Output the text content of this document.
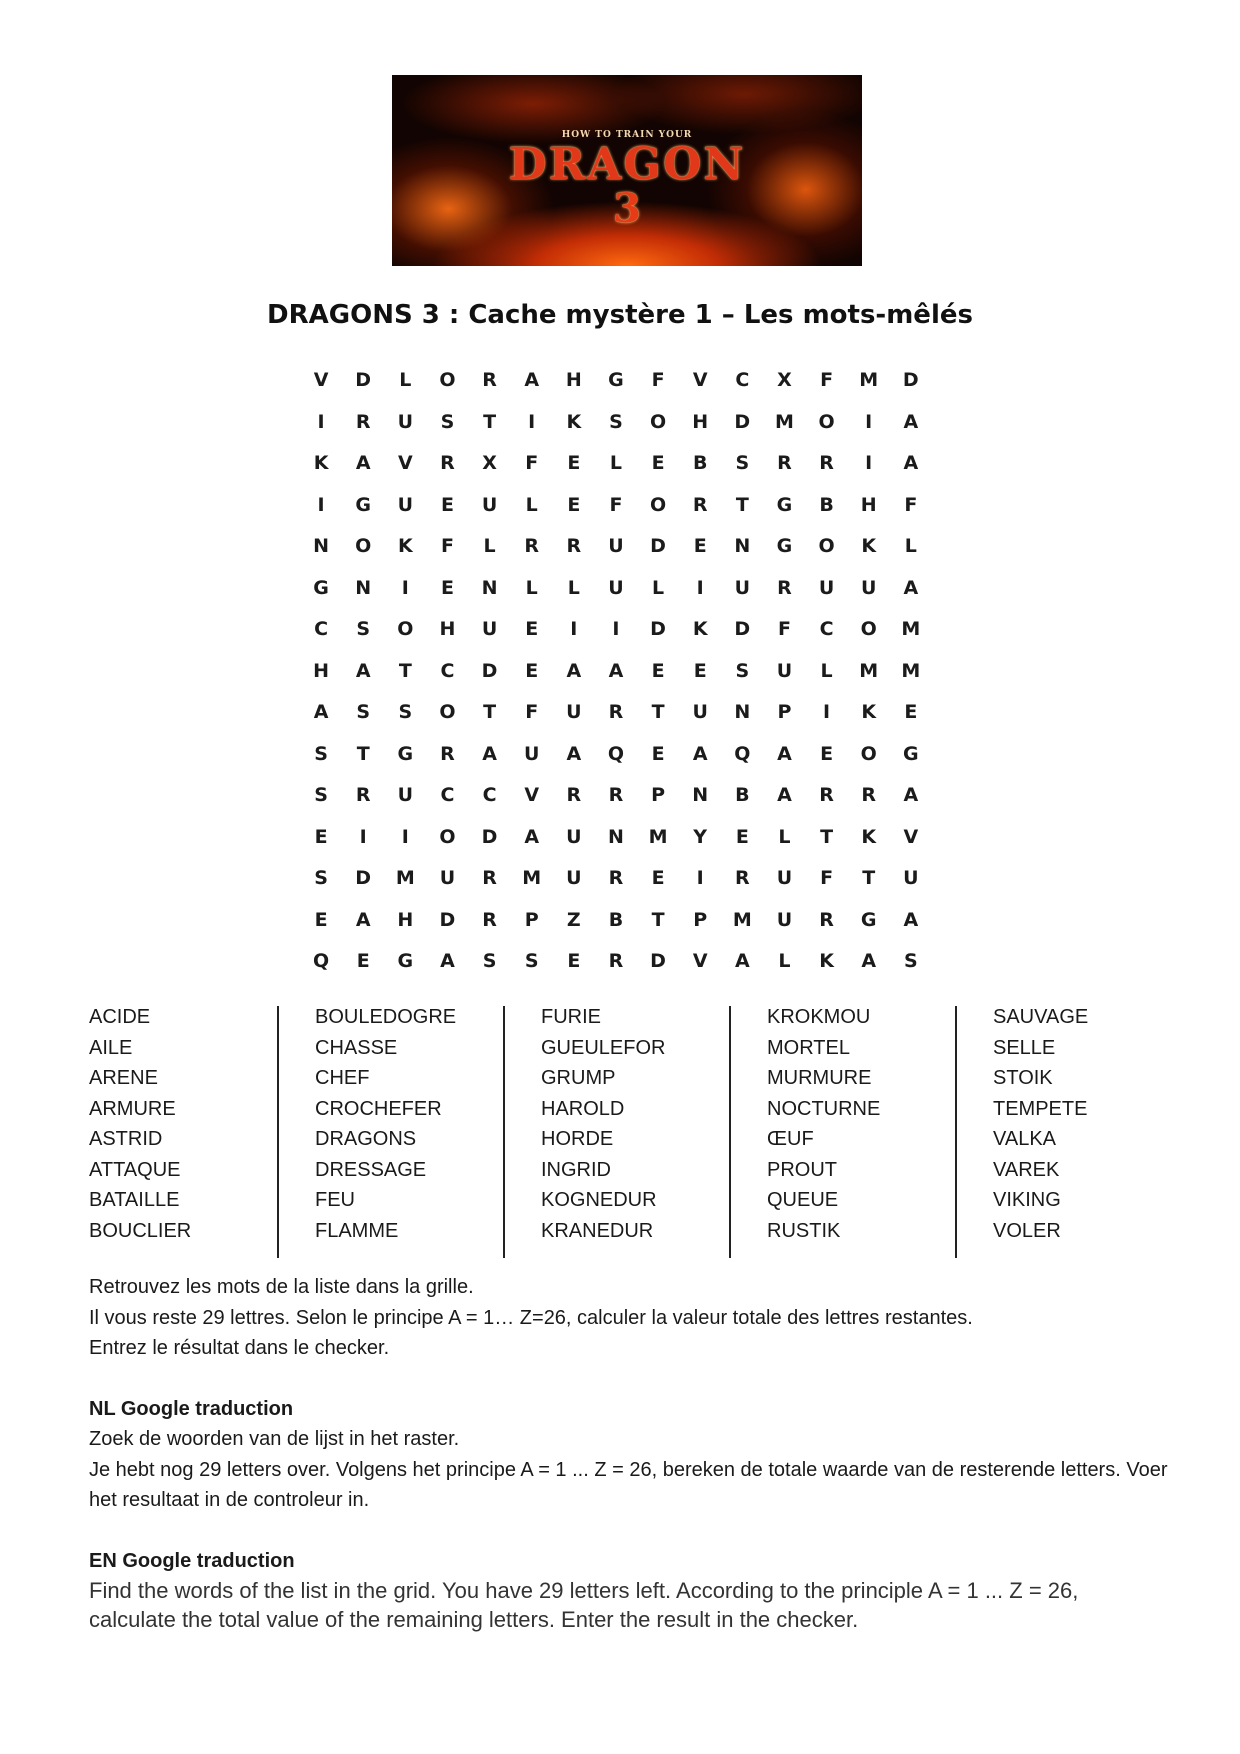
HOW TO TRAIN YOUR
DRAGON
3
DRAGONS 3 : Cache mystère 1 – Les mots-mêlés
V	D	L	O	R	A	H	G	F	V	C	X	F	M	D
I	R	U	S	T	I	K	S	O	H	D	M	O	I	A
K	A	V	R	X	F	E	L	E	B	S	R	R	I	A
I	G	U	E	U	L	E	F	O	R	T	G	B	H	F
N	O	K	F	L	R	R	U	D	E	N	G	O	K	L
G	N	I	E	N	L	L	U	L	I	U	R	U	U	A
C	S	O	H	U	E	I	I	D	K	D	F	C	O	M
H	A	T	C	D	E	A	A	E	E	S	U	L	M	M
A	S	S	O	T	F	U	R	T	U	N	P	I	K	E
S	T	G	R	A	U	A	Q	E	A	Q	A	E	O	G
S	R	U	C	C	V	R	R	P	N	B	A	R	R	A
E	I	I	O	D	A	U	N	M	Y	E	L	T	K	V
S	D	M	U	R	M	U	R	E	I	R	U	F	T	U
E	A	H	D	R	P	Z	B	T	P	M	U	R	G	A
Q	E	G	A	S	S	E	R	D	V	A	L	K	A	S
ACIDE
AILE
ARENE
ARMURE
ASTRID
ATTAQUE
BATAILLE
BOUCLIER
BOULEDOGRE
CHASSE
CHEF
CROCHEFER
DRAGONS
DRESSAGE
FEU
FLAMME
FURIE
GUEULEFOR
GRUMP
HAROLD
HORDE
INGRID
KOGNEDUR
KRANEDUR
KROKMOU
MORTEL
MURMURE
NOCTURNE
ŒUF
PROUT
QUEUE
RUSTIK
SAUVAGE
SELLE
STOIK
TEMPETE
VALKA
VAREK
VIKING
VOLER

Retrouvez les mots de la liste dans la grille.

Il vous reste 29 lettres. Selon le principe A = 1… Z=26, calculer la valeur totale des lettres restantes.

Entrez le résultat dans le checker.

NL Google traduction

Zoek de woorden van de lijst in het raster.

Je hebt nog 29 letters over. Volgens het principe A = 1 ... Z = 26, bereken de totale waarde van de resterende letters. Voer het resultaat in de controleur in.

EN Google traduction

Find the words of the list in the grid. You have 29 letters left. According to the principle A = 1 ... Z = 26, calculate the total value of the remaining letters. Enter the result in the checker.
